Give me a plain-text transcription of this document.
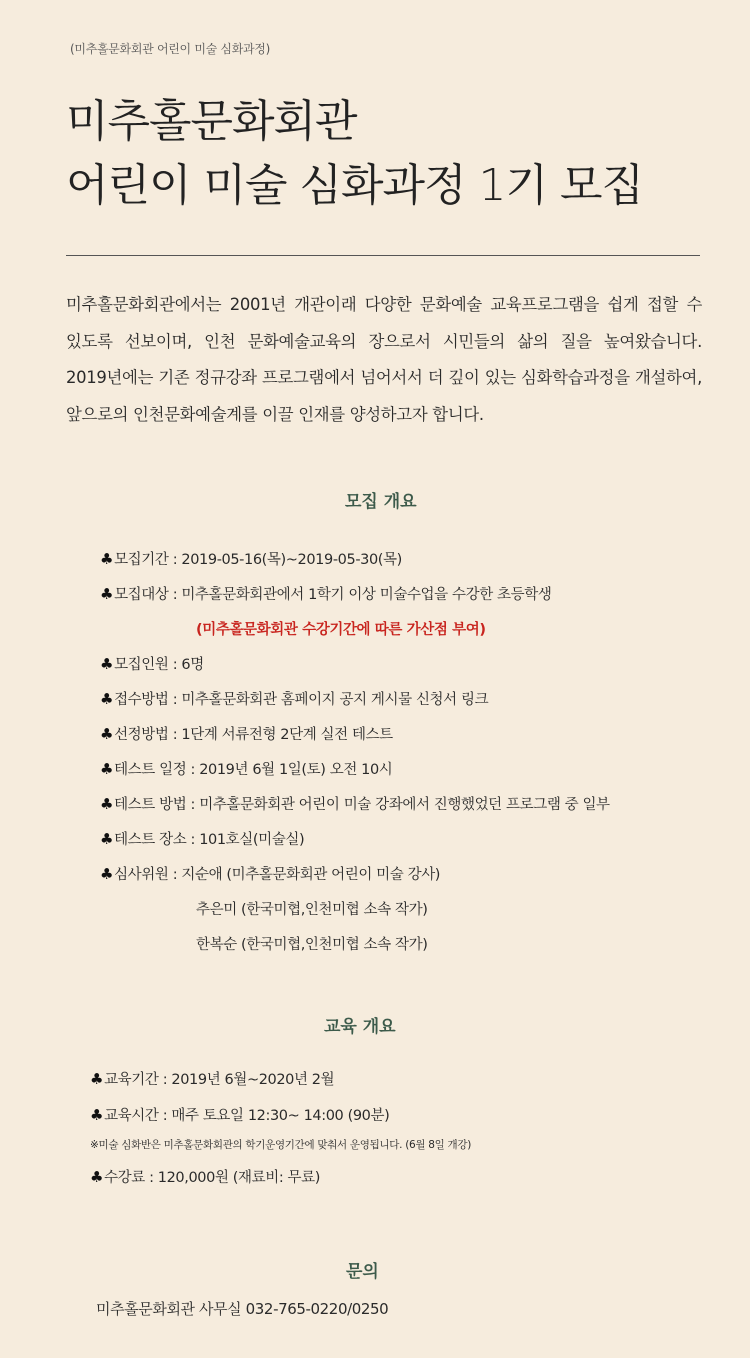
(미추홀문화회관 어린이 미술 심화과정)
미추홀문화회관
어린이 미술 심화과정 1기 모집

미추홀문화회관에서는 2001년 개관이래 다양한 문화예술 교육프로그램을 쉽게 접할 수 있도록 선보이며, 인천 문화예술교육의 장으로서 시민들의 삶의 질을 높여왔습니다. 2019년에는 기존 정규강좌 프로그램에서 넘어서서 더 깊이 있는 심화학습과정을 개설하여, 앞으로의 인천문화예술계를 이끌 인재를 양성하고자 합니다.

모집 개요
♣모집기간 : 2019-05-16(목)~2019-05-30(목)
♣모집대상 : 미추홀문화회관에서 1학기 이상 미술수업을 수강한 초등학생
(미추홀문화회관 수강기간에 따른 가산점 부여)
♣모집인원 : 6명
♣접수방법 : 미추홀문화회관 홈페이지 공지 게시물 신청서 링크
♣선정방법 : 1단계 서류전형 2단계 실전 테스트
♣테스트 일정 : 2019년 6월 1일(토) 오전 10시
♣테스트 방법 : 미추홀문화회관 어린이 미술 강좌에서 진행했었던 프로그램 중 일부
♣테스트 장소 : 101호실(미술실)
♣심사위원 : 지순애 (미추홀문화회관 어린이 미술 강사)
추은미 (한국미협,인천미협 소속 작가)
한복순 (한국미협,인천미협 소속 작가)
교육 개요
♣교육기간 : 2019년 6월~2020년 2월
♣교육시간 : 매주 토요일 12:30~ 14:00 (90분)
※미술 심화반은 미추홀문화회관의 학기운영기간에 맞춰서 운영됩니다. (6월 8일 개강)
♣수강료 : 120,000원 (재료비: 무료)
문의
미추홀문화회관 사무실 032-765-0220/0250
